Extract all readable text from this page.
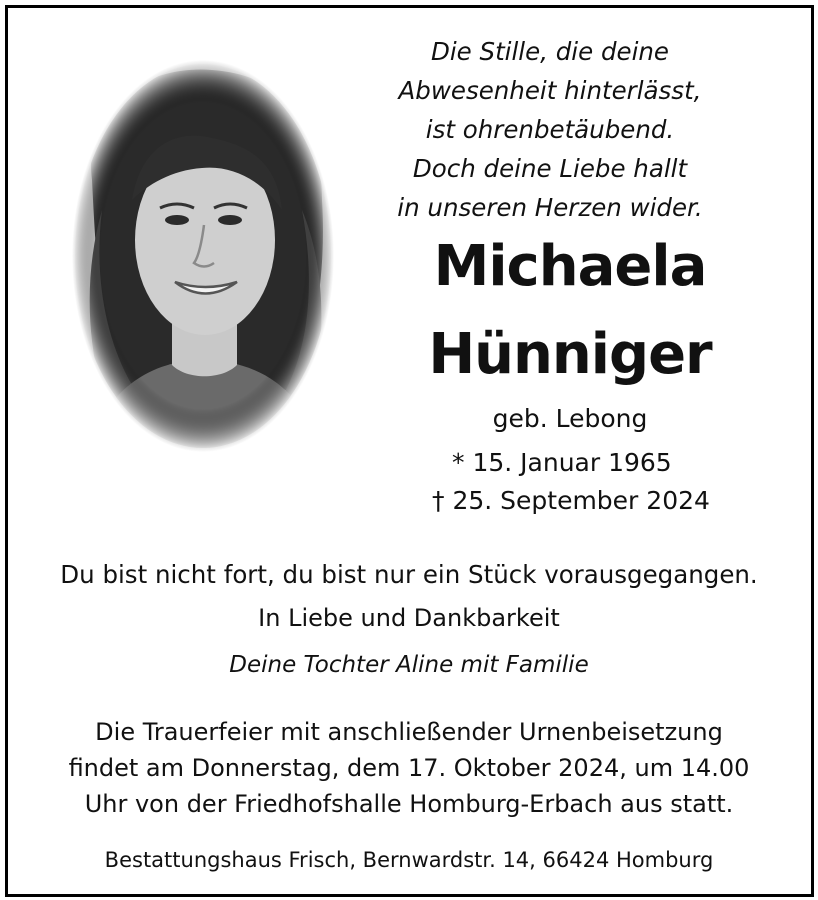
Die Stille, die deine
Abwesenheit hinterlässt,
ist ohrenbetäubend.
Doch deine Liebe hallt
in unseren Herzen wider.
Michaela
Hünniger
geb. Lebong
* 15. Januar 1965
† 25. September 2024
Du bist nicht fort, du bist nur ein Stück vorausgegangen.
In Liebe und Dankbarkeit
Deine Tochter Aline mit Familie
Die Trauerfeier mit anschließender Urnenbeisetzung
findet am Donnerstag, dem 17. Oktober 2024, um 14.00
Uhr von der Friedhofshalle Homburg-Erbach aus statt.
Bestattungshaus Frisch, Bernwardstr. 14, 66424 Homburg
